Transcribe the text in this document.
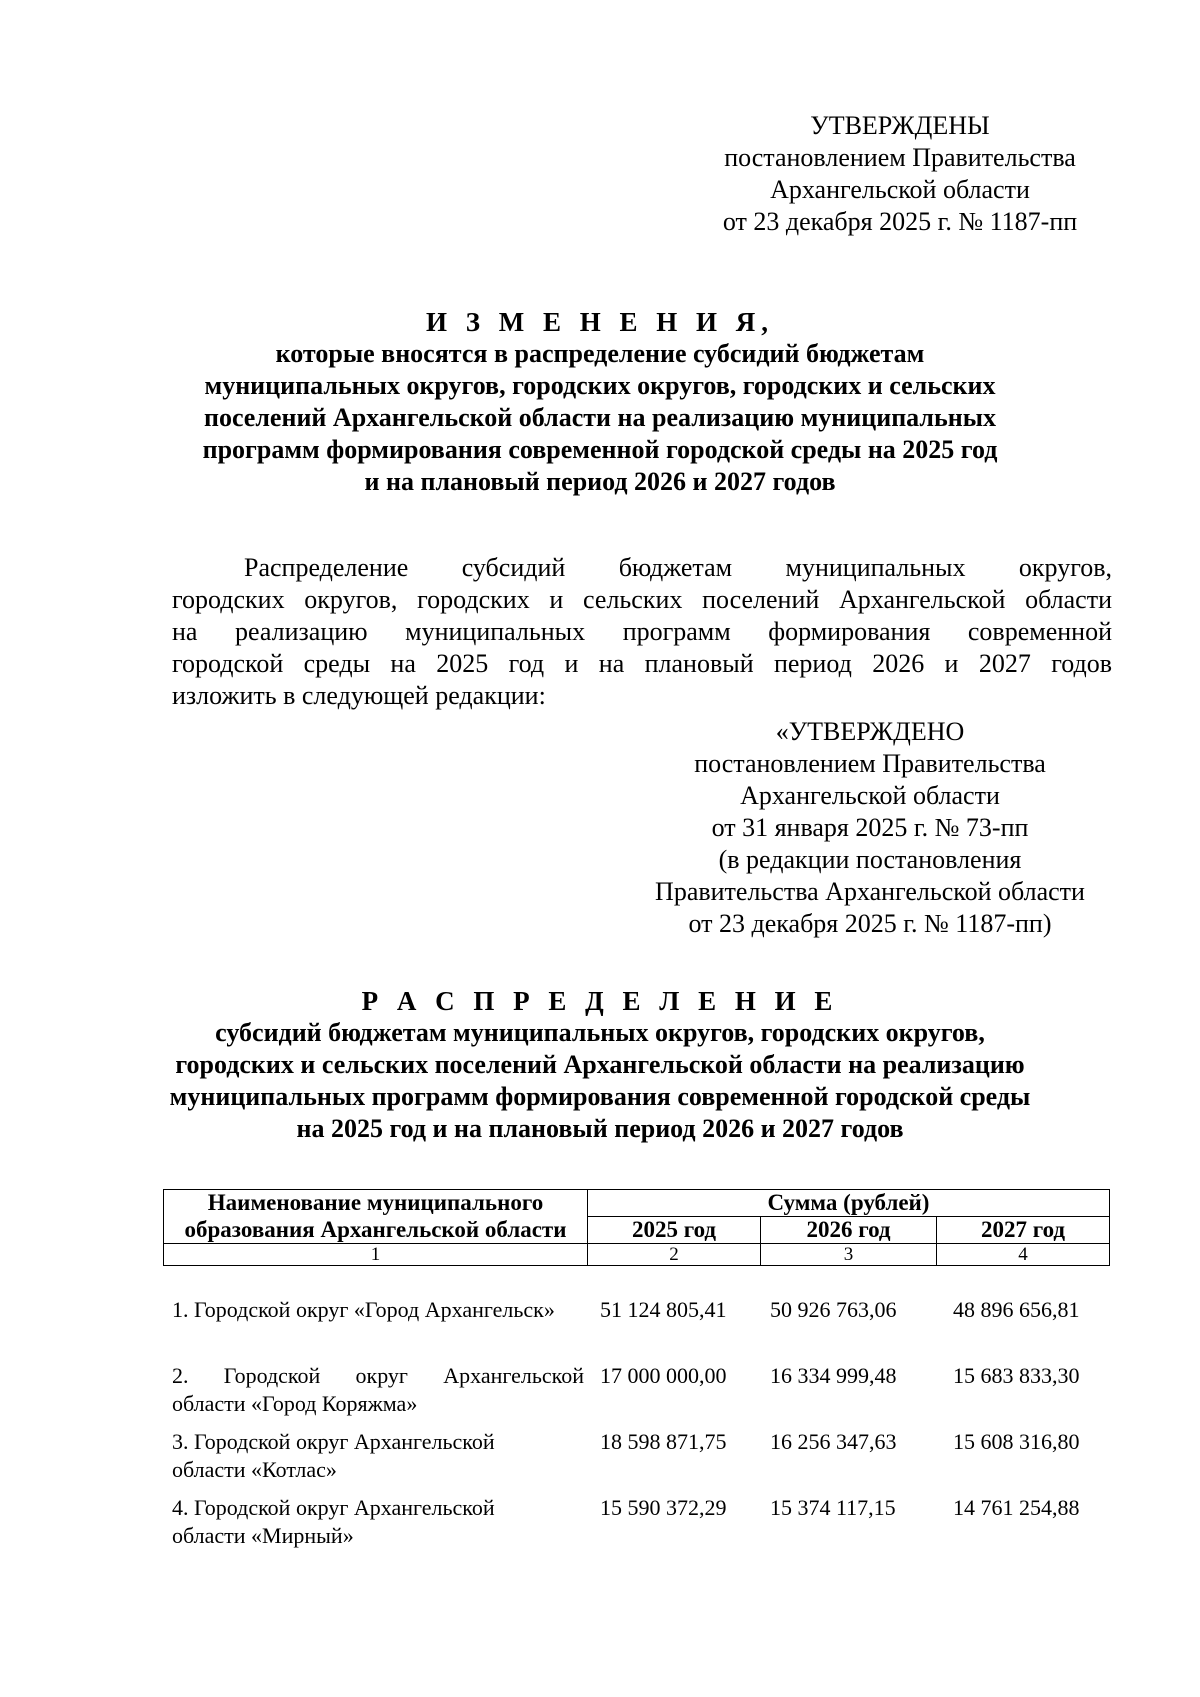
УТВЕРЖДЕНЫ
постановлением Правительства
Архангельской области
от 23 декабря 2025 г. № 1187-пп
И З М Е Н Е Н И Я,
которые вносятся в распределение субсидий бюджетам
муниципальных округов, городских округов, городских и сельских
поселений Архангельской области на реализацию муниципальных
программ формирования современной городской среды на 2025 год
и на плановый период 2026 и 2027 годов
Распределение субсидий бюджетам муниципальных округов,
городских округов, городских и сельских поселений Архангельской области
на реализацию муниципальных программ формирования современной
городской среды на 2025 год и на плановый период 2026 и 2027 годов
изложить в следующей редакции:
«УТВЕРЖДЕНО
постановлением Правительства
Архангельской области
от 31 января 2025 г. № 73-пп
(в редакции постановления
Правительства Архангельской области
от 23 декабря 2025 г. № 1187-пп)
Р А С П Р Е Д Е Л Е Н И Е
субсидий бюджетам муниципальных округов, городских округов,
городских и сельских поселений Архангельской области на реализацию
муниципальных программ формирования современной городской среды
на 2025 год и на плановый период 2026 и 2027 годов
Наименование муниципального	Сумма (рублей)		
образования Архангельской области	2025 год	2026 год	2027 год
1	2	3	4
1. Городской округ «Город Архангельск»	51 124 805,41	50 926 763,06	48 896 656,81
2. Городской округ Архангельской
области «Город Коряжма»
17 000 000,00	16 334 999,48	15 683 833,30
3. Городской округ Архангельской
области «Котлас»
18 598 871,75	16 256 347,63	15 608 316,80
4. Городской округ Архангельской
области «Мирный»
15 590 372,29	15 374 117,15	14 761 254,88
